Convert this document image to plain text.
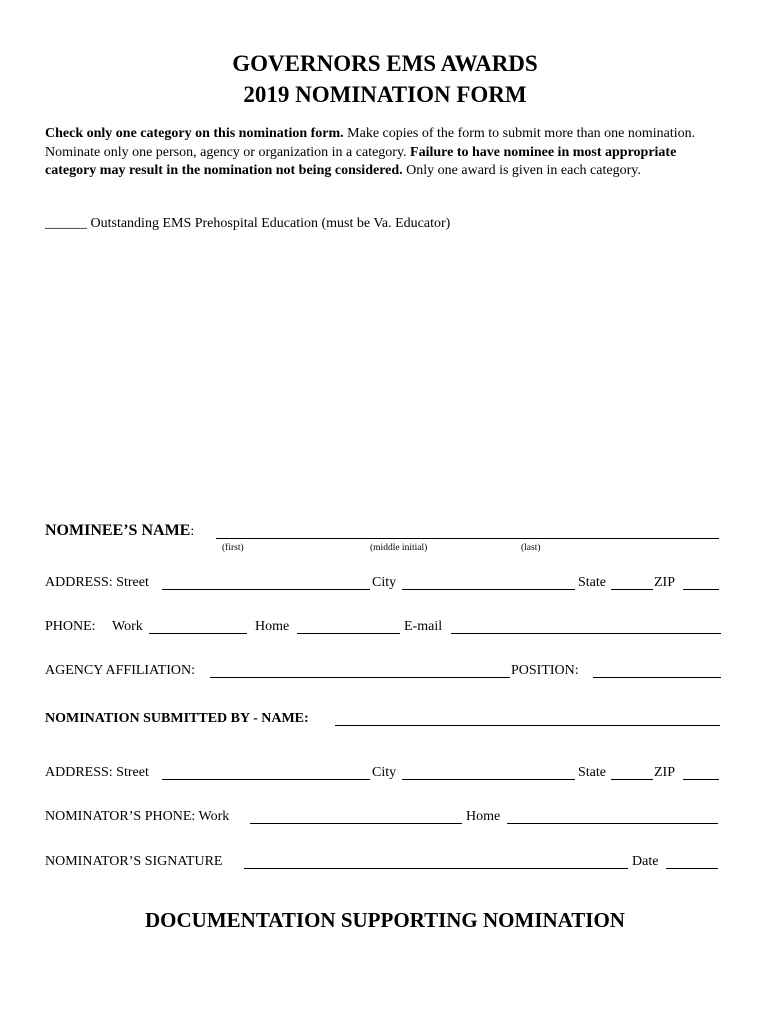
GOVERNORS EMS AWARDS
2019 NOMINATION FORM
Check only one category on this nomination form. Make copies of the form to submit more than one nomination. Nominate only one person, agency or organization in a category. Failure to have nominee in most appropriate category may result in the nomination not being considered. Only one award is given in each category.
______ Outstanding EMS Prehospital Education (must be Va. Educator)
NOMINEE’S NAME:
(first)	(middle initial)	(last)
ADDRESS: Street	City	State	ZIP
PHONE: Work	Home	E-mail
AGENCY AFFILIATION:	POSITION:
NOMINATION SUBMITTED BY - NAME:
ADDRESS: Street	City	State	ZIP
NOMINATOR’S PHONE: Work	Home
NOMINATOR’S SIGNATURE	Date
DOCUMENTATION SUPPORTING NOMINATION
